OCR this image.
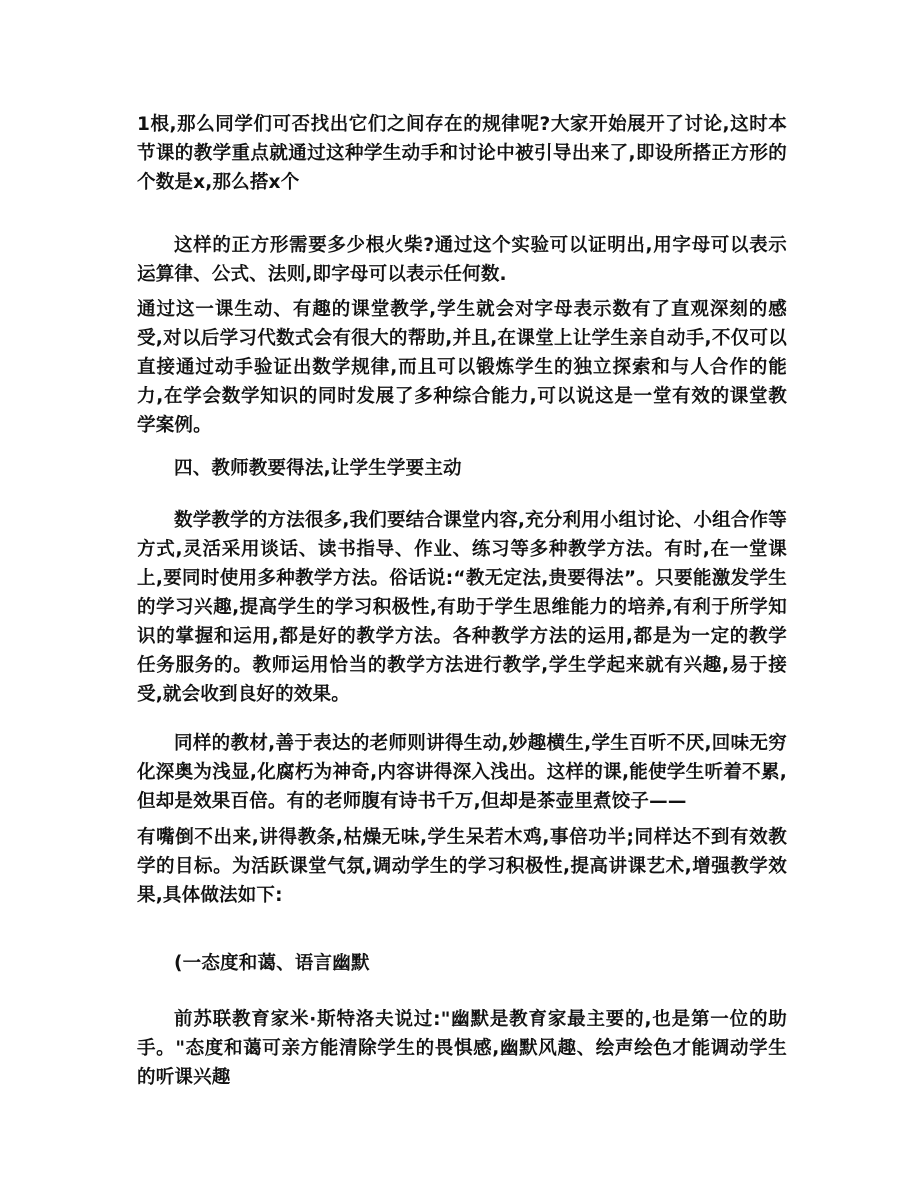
1根,那么同学们可否找出它们之间存在的规律呢?大家开始展开了讨论,这时本节课的教学重点就通过这种学生动手和讨论中被引导出来了,即设所搭正方形的个数是x,那么搭x个

这样的正方形需要多少根火柴?通过这个实验可以证明出,用字母可以表示运算律、公式、法则,即字母可以表示任何数.

通过这一课生动、有趣的课堂教学,学生就会对字母表示数有了直观深刻的感受,对以后学习代数式会有很大的帮助,并且,在课堂上让学生亲自动手,不仅可以直接通过动手验证出数学规律,而且可以锻炼学生的独立探索和与人合作的能力,在学会数学知识的同时发展了多种综合能力,可以说这是一堂有效的课堂教学案例。

四、教师教要得法,让学生学要主动

数学教学的方法很多,我们要结合课堂内容,充分利用小组讨论、小组合作等方式,灵活采用谈话、读书指导、作业、练习等多种教学方法。有时,在一堂课上,要同时使用多种教学方法。俗话说:“教无定法,贵要得法”。只要能激发学生的学习兴趣,提高学生的学习积极性,有助于学生思维能力的培养,有利于所学知识的掌握和运用,都是好的教学方法。各种教学方法的运用,都是为一定的教学任务服务的。教师运用恰当的教学方法进行教学,学生学起来就有兴趣,易于接受,就会收到良好的效果。

同样的教材,善于表达的老师则讲得生动,妙趣横生,学生百听不厌,回味无穷化深奥为浅显,化腐朽为神奇,内容讲得深入浅出。这样的课,能使学生听着不累,但却是效果百倍。有的老师腹有诗书千万,但却是茶壶里煮饺子——

有嘴倒不出来,讲得教条,枯燥无味,学生呆若木鸡,事倍功半;同样达不到有效教学的目标。为活跃课堂气氛,调动学生的学习积极性,提高讲课艺术,增强教学效果,具体做法如下:

(一态度和蔼、语言幽默

前苏联教育家米·斯特洛夫说过:"幽默是教育家最主要的,也是第一位的助手。"态度和蔼可亲方能清除学生的畏惧感,幽默风趣、绘声绘色才能调动学生的听课兴趣
